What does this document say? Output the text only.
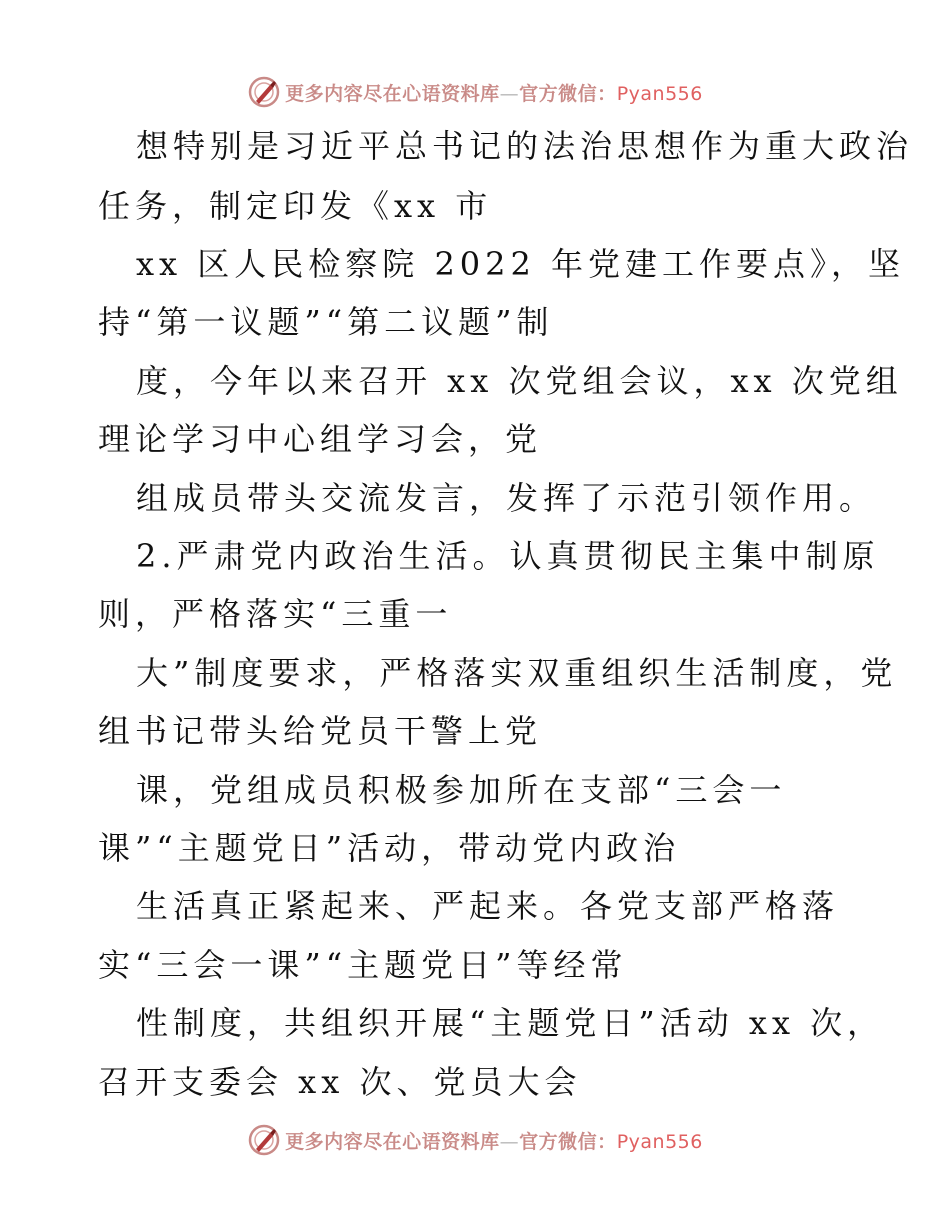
更多内容尽在心语资料库—官方微信：Pyan556
想特别是习近平总书记的法治思想作为重大政治
任务，制定印发《xx 市
xx 区人民检察院 2022 年党建工作要点》，坚
持“第一议题”“第二议题”制
度，今年以来召开 xx 次党组会议，xx 次党组
理论学习中心组学习会，党
组成员带头交流发言，发挥了示范引领作用。
2.严肃党内政治生活。认真贯彻民主集中制原
则，严格落实“三重一
大”制度要求，严格落实双重组织生活制度，党
组书记带头给党员干警上党
课，党组成员积极参加所在支部“三会一
课”“主题党日”活动，带动党内政治
生活真正紧起来、严起来。各党支部严格落
实“三会一课”“主题党日”等经常
性制度，共组织开展“主题党日”活动 xx 次，
召开支委会 xx 次、党员大会
更多内容尽在心语资料库—官方微信：Pyan556
